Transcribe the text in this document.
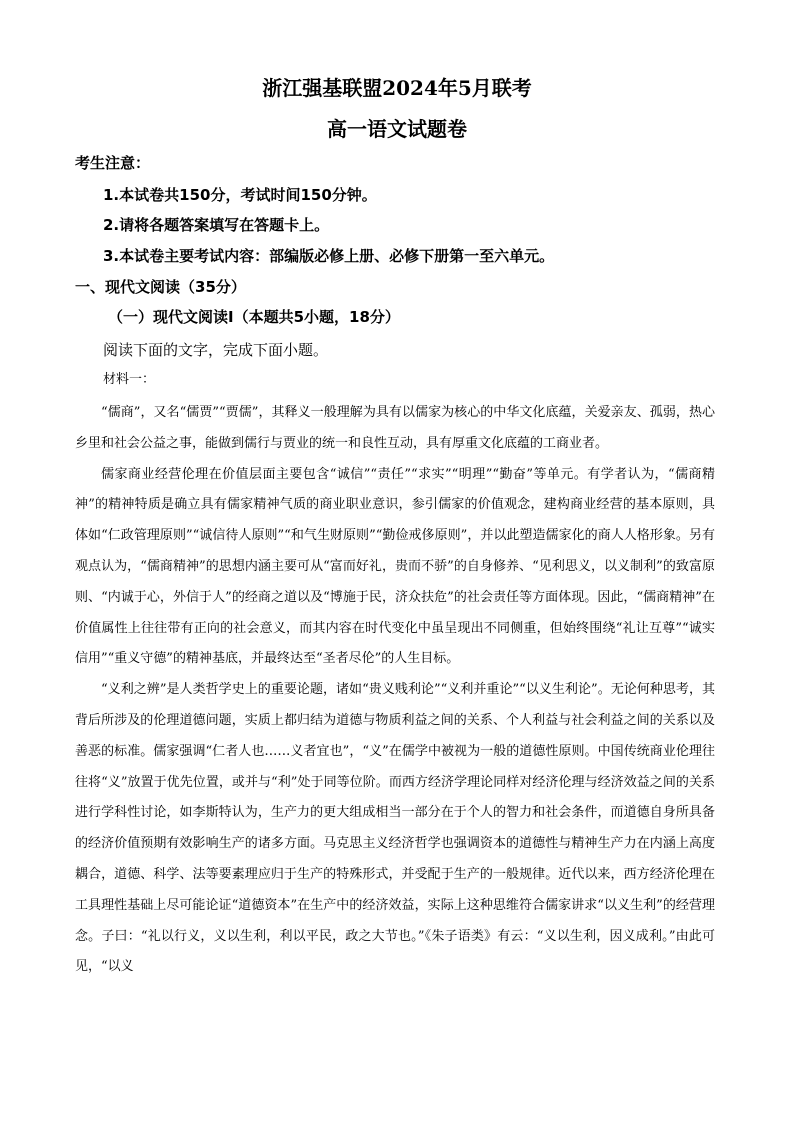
浙江强基联盟2024年5月联考
高一语文试题卷
考生注意：
1.本试卷共150分，考试时间150分钟。
2.请将各题答案填写在答题卡上。
3.本试卷主要考试内容：部编版必修上册、必修下册第一至六单元。
一、现代文阅读（35分）
（一）现代文阅读Ⅰ（本题共5小题，18分）
阅读下面的文字，完成下面小题。
材料一：

“儒商”，又名“儒贾”“贾儒”，其释义一般理解为具有以儒家为核心的中华文化底蕴，关爱亲友、孤弱，热心乡里和社会公益之事，能做到儒行与贾业的统一和良性互动，具有厚重文化底蕴的工商业者。

儒家商业经营伦理在价值层面主要包含“诚信”“责任”“求实”“明理”“勤奋”等单元。有学者认为，“儒商精神”的精神特质是确立具有儒家精神气质的商业职业意识，参引儒家的价值观念，建构商业经营的基本原则，具体如“仁政管理原则”“诚信待人原则”“和气生财原则”“勤俭戒侈原则”，并以此塑造儒家化的商人人格形象。另有观点认为，“儒商精神”的思想内涵主要可从“富而好礼，贵而不骄”的自身修养、“见利思义，以义制利”的致富原则、“内诚于心，外信于人”的经商之道以及“博施于民，济众扶危”的社会责任等方面体现。因此，“儒商精神”在价值属性上往往带有正向的社会意义，而其内容在时代变化中虽呈现出不同侧重，但始终围绕“礼让互尊”“诚实信用”“重义守德”的精神基底，并最终达至“圣者尽伦”的人生目标。

“义利之辨”是人类哲学史上的重要论题，诸如“贵义贱利论”“义利并重论”“以义生利论”。无论何种思考，其背后所涉及的伦理道德问题，实质上都归结为道德与物质利益之间的关系、个人利益与社会利益之间的关系以及善恶的标准。儒家强调“仁者人也……义者宜也”，“义”在儒学中被视为一般的道德性原则。中国传统商业伦理往往将“义”放置于优先位置，或并与“利”处于同等位阶。而西方经济学理论同样对经济伦理与经济效益之间的关系进行学科性讨论，如李斯特认为，生产力的更大组成相当一部分在于个人的智力和社会条件，而道德自身所具备的经济价值预期有效影响生产的诸多方面。马克思主义经济哲学也强调资本的道德性与精神生产力在内涵上高度耦合，道德、科学、法等要素理应归于生产的特殊形式，并受配于生产的一般规律。近代以来，西方经济伦理在工具理性基础上尽可能论证“道德资本”在生产中的经济效益，实际上这种思维符合儒家讲求“以义生利”的经营理念。子曰：“礼以行义，义以生利，利以平民，政之大节也。”《朱子语类》有云：“义以生利，因义成利。”由此可见，“以义
